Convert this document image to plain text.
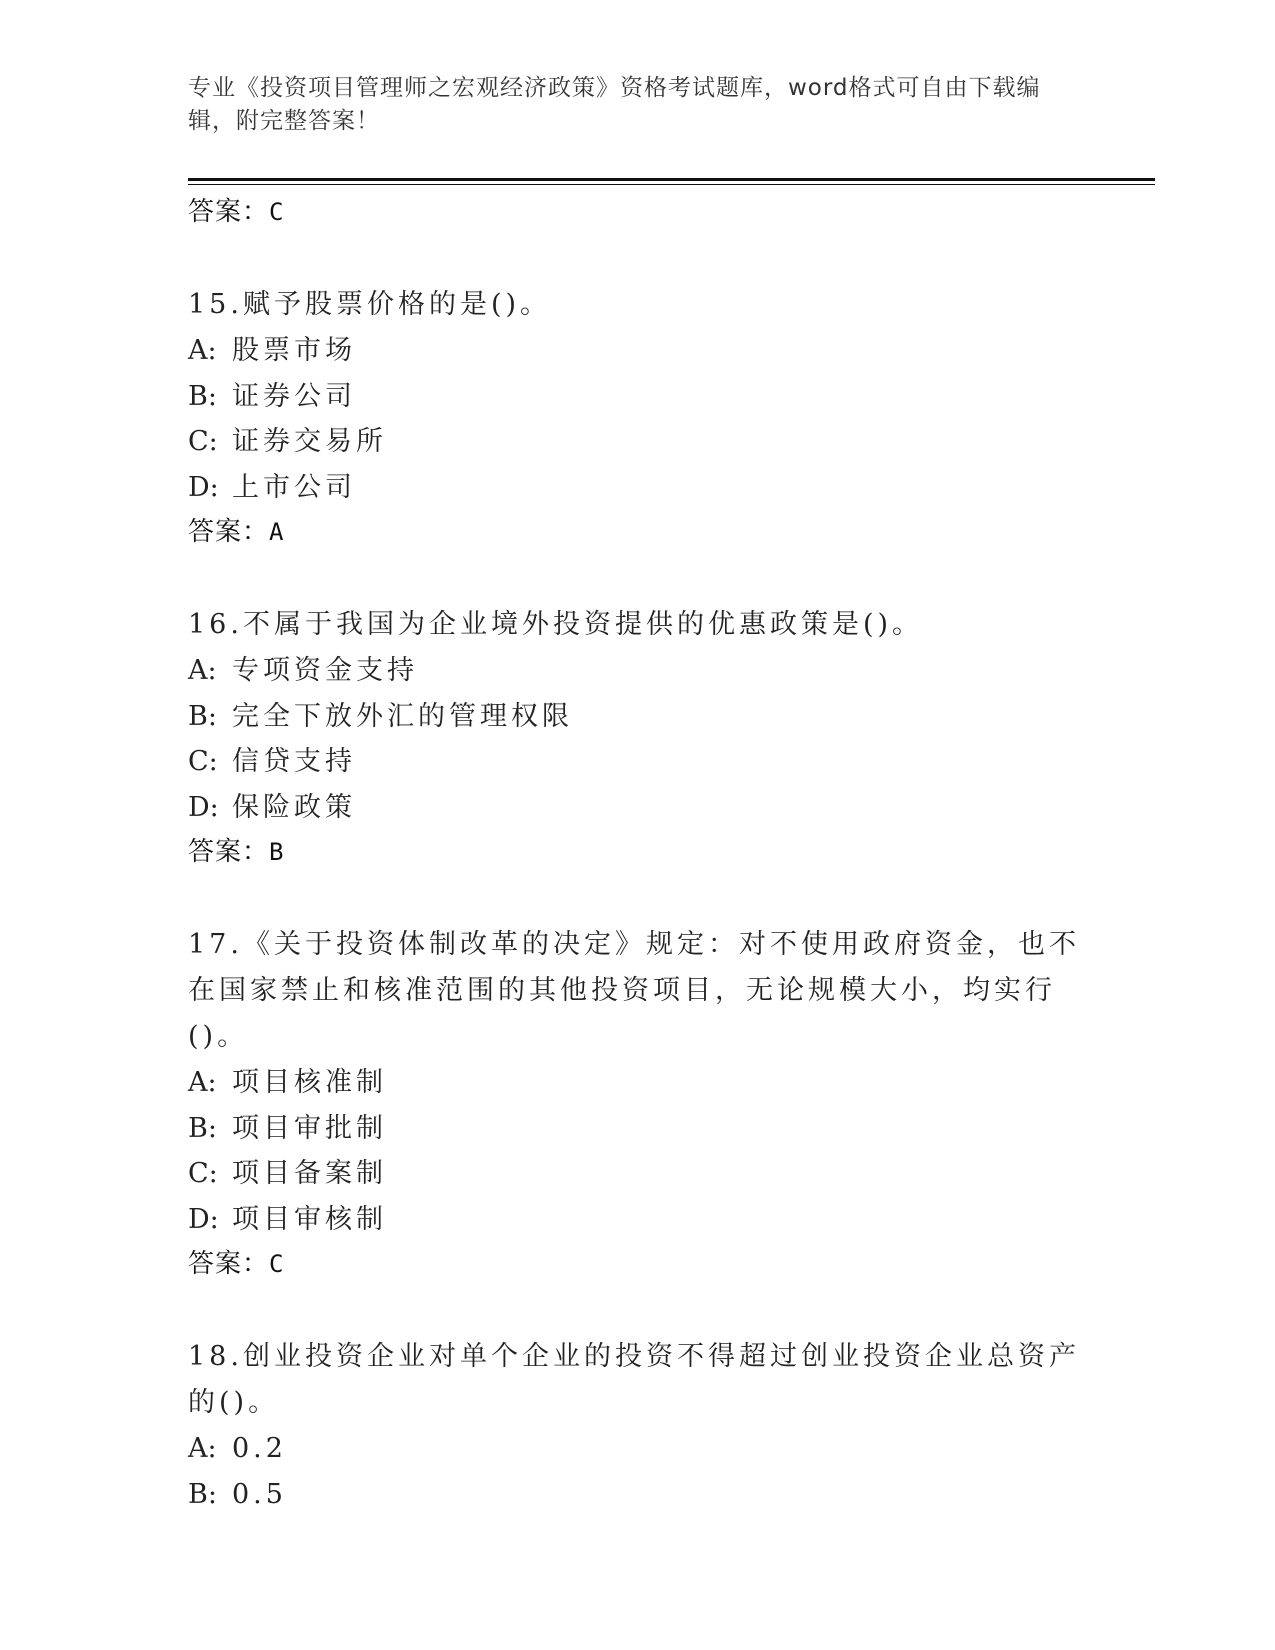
专业《投资项目管理师之宏观经济政策》资格考试题库，word格式可自由下载编辑，附完整答案！
答案：C
15.赋予股票价格的是()。
A: 股票市场
B: 证券公司
C: 证券交易所
D: 上市公司
答案：A
16.不属于我国为企业境外投资提供的优惠政策是()。
A: 专项资金支持
B: 完全下放外汇的管理权限
C: 信贷支持
D: 保险政策
答案：B
17.《关于投资体制改革的决定》规定：对不使用政府资金，也不在国家禁止和核准范围的其他投资项目，无论规模大小，均实行()。
A: 项目核准制
B: 项目审批制
C: 项目备案制
D: 项目审核制
答案：C
18.创业投资企业对单个企业的投资不得超过创业投资企业总资产的()。
A: 0.2
B: 0.5
